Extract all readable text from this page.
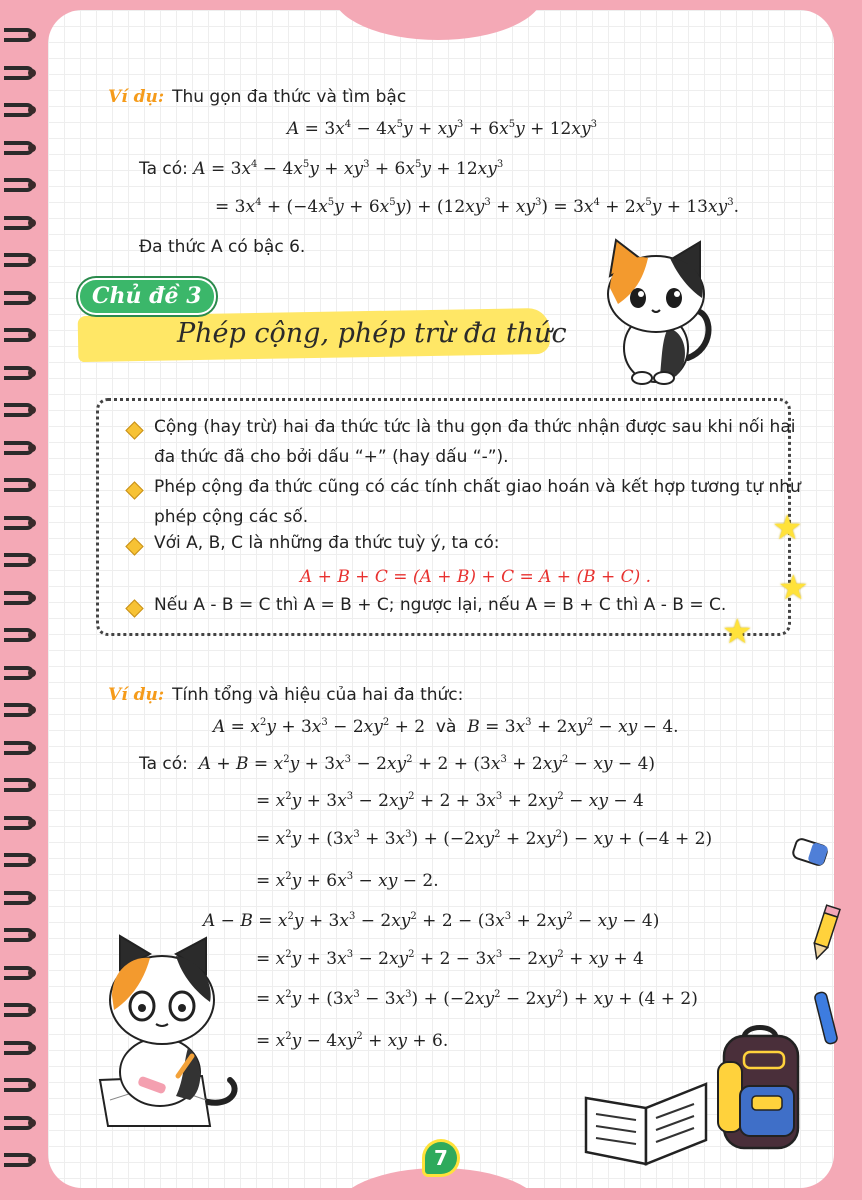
Ví dụ: Thu gọn đa thức và tìm bậc
$A = 3x^4 - 4x^5y + xy^3 + 6x^5y + 12xy^3$
Ta có: $A = 3x^4 - 4x^5y + xy^3 + 6x^5y + 12xy^3$
= $3x^4 + (-4x^5y + 6x^5y) + (12xy^3 + xy^3) = 3x^4 + 2x^5y + 13xy^3$.
Đa thức A có bậc 6.
Chủ đề 3
Phép cộng, phép trừ đa thức
Cộng (hay trừ) hai đa thức tức là thu gọn đa thức nhận được sau khi nối hai
đa thức đã cho bởi dấu “+” (hay dấu “-”).
Phép cộng đa thức cũng có các tính chất giao hoán và kết hợp tương tự như
phép cộng các số.
Với A, B, C là những đa thức tuỳ ý, ta có:
A + B + C = (A + B) + C = A + (B + C) .
Nếu A - B = C thì A = B + C; ngược lại, nếu A = B + C thì A - B = C.
★
★
★
Ví dụ: Tính tổng và hiệu của hai đa thức:
$A = x^2y + 3x^3 - 2xy^2 + 2$  và $B = 3x^3 + 2xy^2$ − xy − 4.
Ta có: $A + B = x^2y + 3x^3 - 2xy^2 + 2 + (3x^3 + 2xy^2$ − xy − 4)
= $x^2y + 3x^3 - 2xy^2 + 2 + 3x^3 + 2xy^2$ − xy − 4
= $x^2y + (3x^3 + 3x^3) + (-2xy^2 + 2xy^2)$ − xy + (−4 + 2)
= $x^2y + 6x^3$ − xy − 2.
$A - B = x^2y + 3x^3 - 2xy^2 + 2 - (3x^3 + 2xy^2$ − xy − 4)
= $x^2y + 3x^3 - 2xy^2 + 2 - 3x^3 - 2xy^2$ + xy + 4
= $x^2y + (3x^3 - 3x^3) + (-2xy^2 - 2xy^2)$ + xy + (4 + 2)
= $x^2y - 4xy^2$ + xy + 6.
7
